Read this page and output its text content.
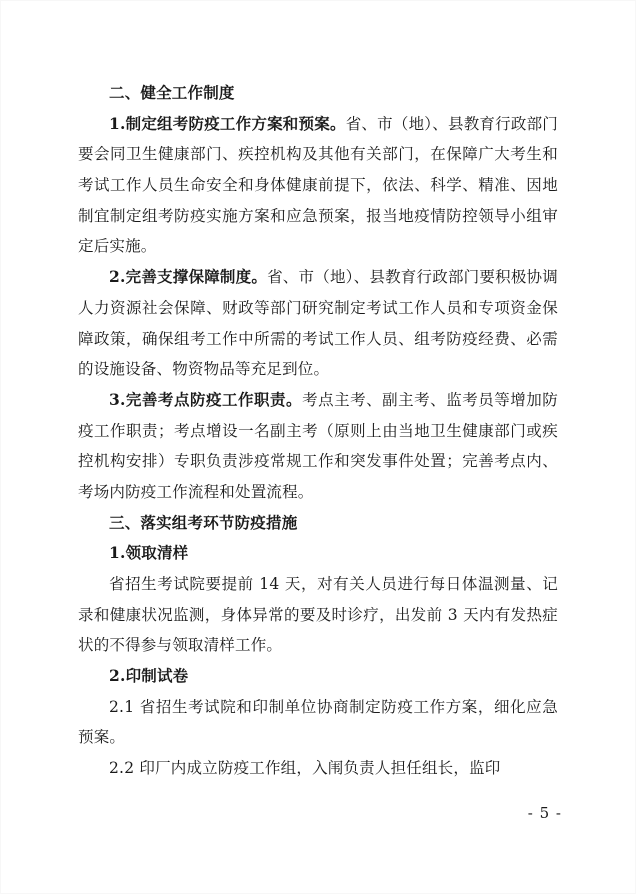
二、健全工作制度

1.制定组考防疫工作方案和预案。省、市（地）、县教育行政部门要会同卫生健康部门、疾控机构及其他有关部门，在保障广大考生和考试工作人员生命安全和身体健康前提下，依法、科学、精准、因地制宜制定组考防疫实施方案和应急预案，报当地疫情防控领导小组审定后实施。

2.完善支撑保障制度。省、市（地）、县教育行政部门要积极协调人力资源社会保障、财政等部门研究制定考试工作人员和专项资金保障政策，确保组考工作中所需的考试工作人员、组考防疫经费、必需的设施设备、物资物品等充足到位。

3.完善考点防疫工作职责。考点主考、副主考、监考员等增加防疫工作职责；考点增设一名副主考（原则上由当地卫生健康部门或疾控机构安排）专职负责涉疫常规工作和突发事件处置；完善考点内、考场内防疫工作流程和处置流程。

三、落实组考环节防疫措施

1.领取清样

省招生考试院要提前 14 天，对有关人员进行每日体温测量、记录和健康状况监测，身体异常的要及时诊疗，出发前 3 天内有发热症状的不得参与领取清样工作。

2.印制试卷

2.1 省招生考试院和印制单位协商制定防疫工作方案，细化应急预案。

2.2 印厂内成立防疫工作组，入闱负责人担任组长，监印

- 5 -
